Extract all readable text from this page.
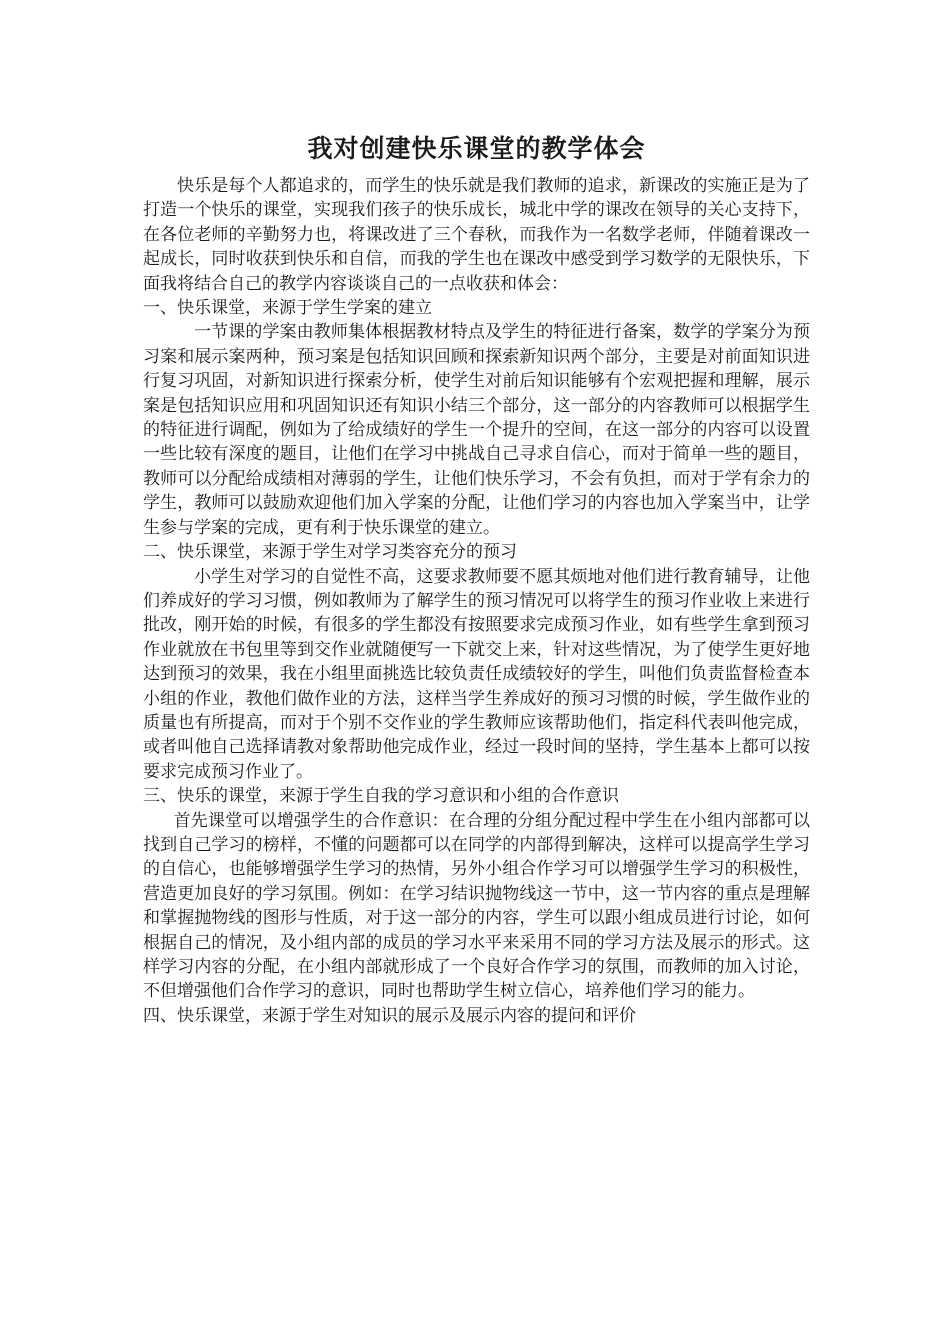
我对创建快乐课堂的教学体会

快乐是每个人都追求的，而学生的快乐就是我们教师的追求，新课改的实施正是为了打造一个快乐的课堂，实现我们孩子的快乐成长，城北中学的课改在领导的关心支持下，在各位老师的辛勤努力也，将课改进了三个春秋，而我作为一名数学老师，伴随着课改一起成长，同时收获到快乐和自信，而我的学生也在课改中感受到学习数学的无限快乐，下面我将结合自己的教学内容谈谈自己的一点收获和体会：

一、快乐课堂，来源于学生学案的建立

一节课的学案由教师集体根据教材特点及学生的特征进行备案，数学的学案分为预习案和展示案两种，预习案是包括知识回顾和探索新知识两个部分，主要是对前面知识进行复习巩固，对新知识进行探索分析，使学生对前后知识能够有个宏观把握和理解，展示案是包括知识应用和巩固知识还有知识小结三个部分，这一部分的内容教师可以根据学生的特征进行调配，例如为了给成绩好的学生一个提升的空间，在这一部分的内容可以设置一些比较有深度的题目，让他们在学习中挑战自己寻求自信心，而对于简单一些的题目，教师可以分配给成绩相对薄弱的学生，让他们快乐学习，不会有负担，而对于学有余力的学生，教师可以鼓励欢迎他们加入学案的分配，让他们学习的内容也加入学案当中，让学生参与学案的完成，更有利于快乐课堂的建立。

二、快乐课堂，来源于学生对学习类容充分的预习

小学生对学习的自觉性不高，这要求教师要不愿其烦地对他们进行教育辅导，让他们养成好的学习习惯，例如教师为了解学生的预习情况可以将学生的预习作业收上来进行批改，刚开始的时候，有很多的学生都没有按照要求完成预习作业，如有些学生拿到预习作业就放在书包里等到交作业就随便写一下就交上来，针对这些情况，为了使学生更好地达到预习的效果，我在小组里面挑选比较负责任成绩较好的学生，叫他们负责监督检查本小组的作业，教他们做作业的方法，这样当学生养成好的预习习惯的时候，学生做作业的质量也有所提高，而对于个别不交作业的学生教师应该帮助他们，指定科代表叫他完成，或者叫他自己选择请教对象帮助他完成作业，经过一段时间的坚持，学生基本上都可以按要求完成预习作业了。

三、快乐的课堂，来源于学生自我的学习意识和小组的合作意识

首先课堂可以增强学生的合作意识：在合理的分组分配过程中学生在小组内部都可以找到自己学习的榜样，不懂的问题都可以在同学的内部得到解决，这样可以提高学生学习的自信心，也能够增强学生学习的热情，另外小组合作学习可以增强学生学习的积极性，营造更加良好的学习氛围。例如：在学习结识抛物线这一节中，这一节内容的重点是理解和掌握抛物线的图形与性质，对于这一部分的内容，学生可以跟小组成员进行讨论，如何根据自己的情况，及小组内部的成员的学习水平来采用不同的学习方法及展示的形式。这样学习内容的分配，在小组内部就形成了一个良好合作学习的氛围，而教师的加入讨论，不但增强他们合作学习的意识，同时也帮助学生树立信心，培养他们学习的能力。

四、快乐课堂，来源于学生对知识的展示及展示内容的提问和评价
